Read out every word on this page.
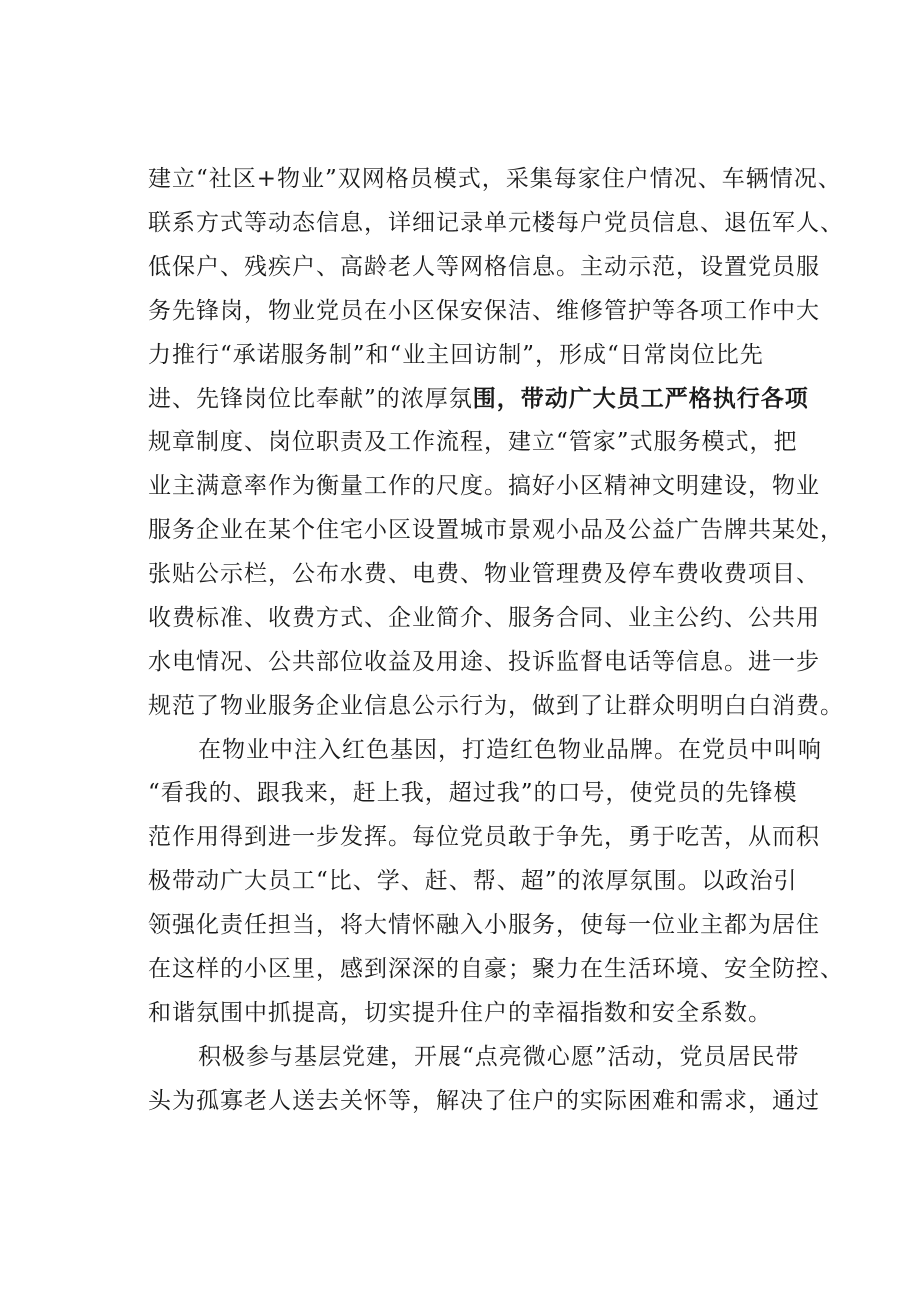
建立“社区+物业”双网格员模式，采集每家住户情况、车辆情况、
联系方式等动态信息，详细记录单元楼每户党员信息、退伍军人、
低保户、残疾户、高龄老人等网格信息。主动示范，设置党员服
务先锋岗，物业党员在小区保安保洁、维修管护等各项工作中大
力推行“承诺服务制”和“业主回访制”，形成“日常岗位比先
进、先锋岗位比奉献”的浓厚氛围，带动广大员工严格执行各项
规章制度、岗位职责及工作流程，建立“管家”式服务模式，把
业主满意率作为衡量工作的尺度。搞好小区精神文明建设，物业
服务企业在某个住宅小区设置城市景观小品及公益广告牌共某处，
张贴公示栏，公布水费、电费、物业管理费及停车费收费项目、
收费标准、收费方式、企业简介、服务合同、业主公约、公共用
水电情况、公共部位收益及用途、投诉监督电话等信息。进一步
规范了物业服务企业信息公示行为，做到了让群众明明白白消费。
在物业中注入红色基因，打造红色物业品牌。在党员中叫响
“看我的、跟我来，赶上我，超过我”的口号，使党员的先锋模
范作用得到进一步发挥。每位党员敢于争先，勇于吃苦，从而积
极带动广大员工“比、学、赶、帮、超”的浓厚氛围。以政治引
领强化责任担当，将大情怀融入小服务，使每一位业主都为居住
在这样的小区里，感到深深的自豪；聚力在生活环境、安全防控、
和谐氛围中抓提高，切实提升住户的幸福指数和安全系数。
积极参与基层党建，开展“点亮微心愿”活动，党员居民带
头为孤寡老人送去关怀等，解决了住户的实际困难和需求，通过
